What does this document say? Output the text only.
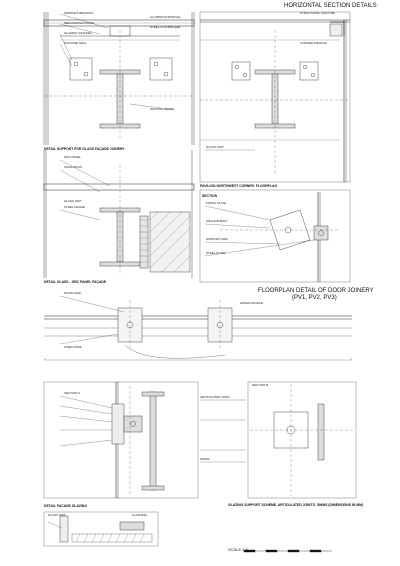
HORIZONTAL SECTION DETAILS
SUPPORT BRACKET
MECHANICAL FIXING
GLAZING CHANNEL
SILICONE SEAL
ALUMINIUM PROFILE
STEEL COLUMN HEB
PACKING SHIMS
DETAIL SUPPORT FOR GLASS FAÇADE JOINERY
STRUCTURAL SILICONE
CORNER PROFILE
GLASS UNIT
PAVILION NORTHWEST CORNER. FLOORPLAN
SECTION
FIXING PLATE
ANCHOR BOLT
SUPPORT ARM
STEEL PLATE
GRC PANEL
INSULATION
GLASS UNIT
STEEL FRAME
DETAIL GLASS - GRC PANEL FAÇADE
FLOORPLAN DETAIL OF DOOR JOINERY
(PV1, PV2, PV3)
DOOR LEAF
HINGE PROFILE
FIXED PANE
SECTION A
SECTION B
ARTICULATED JOINT
SHIMS
GLAZING SUPPORT SCHEME. ARTICULATED JOINTS. SHIMS (DIMENSIONS IN MM)
DETAIL FACADE GLAZING
GLASS UNIT	FLASHING
SCALE 1:5
